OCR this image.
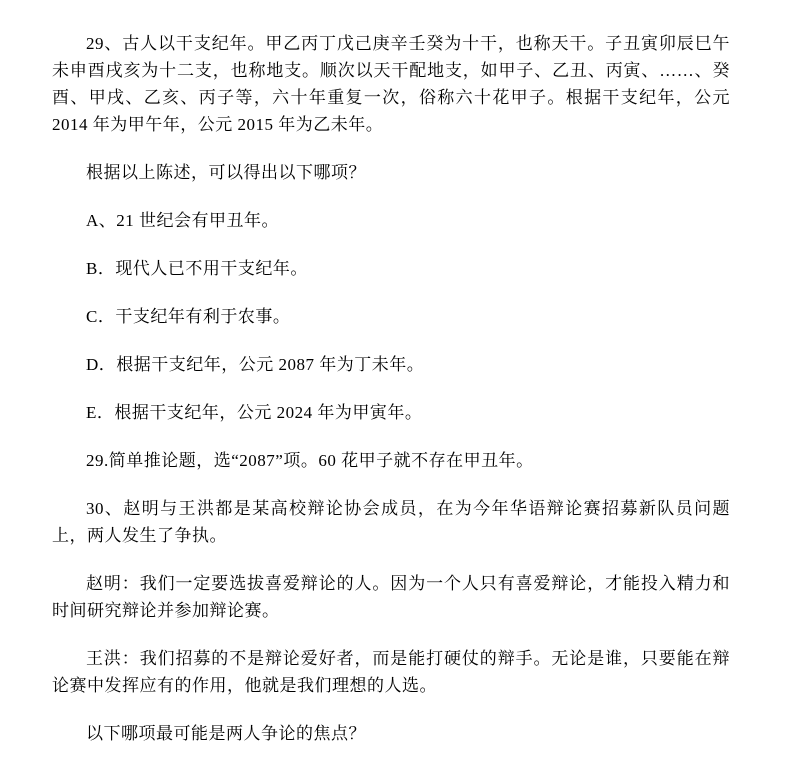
29、古人以干支纪年。甲乙丙丁戊己庚辛壬癸为十干，也称天干。子丑寅卯辰巳午未申酉戌亥为十二支，也称地支。顺次以天干配地支，如甲子、乙丑、丙寅、……、癸酉、甲戌、乙亥、丙子等，六十年重复一次，俗称六十花甲子。根据干支纪年，公元 2014 年为甲午年，公元 2015 年为乙未年。

根据以上陈述，可以得出以下哪项？

A、21 世纪会有甲丑年。

B．现代人已不用干支纪年。

C．干支纪年有利于农事。

D．根据干支纪年，公元 2087 年为丁未年。

E．根据干支纪年，公元 2024 年为甲寅年。

29.简单推论题，选“2087”项。60 花甲子就不存在甲丑年。

30、赵明与王洪都是某高校辩论协会成员，在为今年华语辩论赛招募新队员问题上，两人发生了争执。

赵明：我们一定要选拔喜爱辩论的人。因为一个人只有喜爱辩论，才能投入精力和时间研究辩论并参加辩论赛。

王洪：我们招募的不是辩论爱好者，而是能打硬仗的辩手。无论是谁，只要能在辩论赛中发挥应有的作用，他就是我们理想的人选。

以下哪项最可能是两人争论的焦点？
